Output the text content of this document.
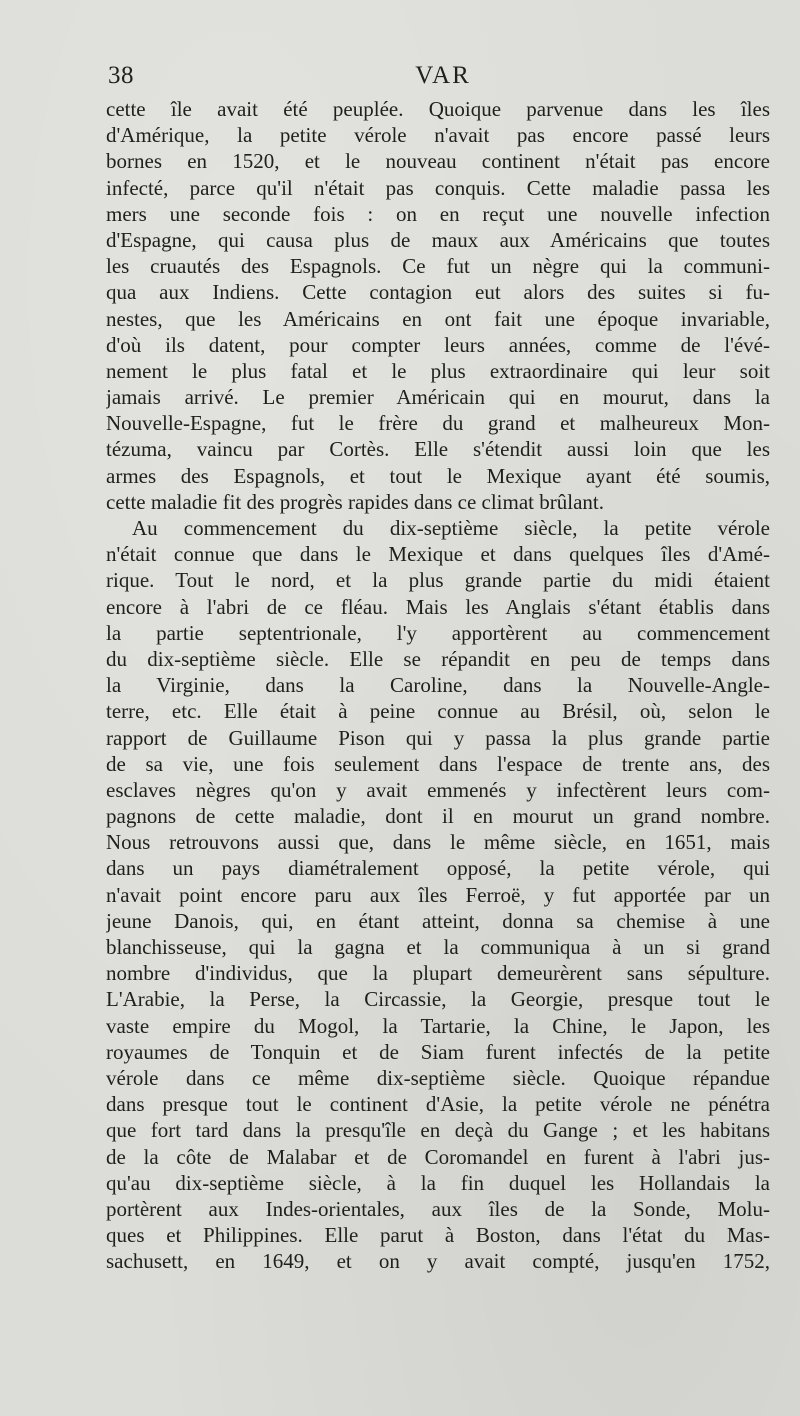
38	VAR
cette île avait été peuplée. Quoique parvenue dans les îles
d'Amérique, la petite vérole n'avait pas encore passé leurs
bornes en 1520, et le nouveau continent n'était pas encore
infecté, parce qu'il n'était pas conquis. Cette maladie passa les
mers une seconde fois : on en reçut une nouvelle infection
d'Espagne, qui causa plus de maux aux Américains que toutes
les cruautés des Espagnols. Ce fut un nègre qui la communi-
qua aux Indiens. Cette contagion eut alors des suites si fu-
nestes, que les Américains en ont fait une époque invariable,
d'où ils datent, pour compter leurs années, comme de l'évé-
nement le plus fatal et le plus extraordinaire qui leur soit
jamais arrivé. Le premier Américain qui en mourut, dans la
Nouvelle-Espagne, fut le frère du grand et malheureux Mon-
tézuma, vaincu par Cortès. Elle s'étendit aussi loin que les
armes des Espagnols, et tout le Mexique ayant été soumis,
cette maladie fit des progrès rapides dans ce climat brûlant.
Au commencement du dix-septième siècle, la petite vérole
n'était connue que dans le Mexique et dans quelques îles d'Amé-
rique. Tout le nord, et la plus grande partie du midi étaient
encore à l'abri de ce fléau. Mais les Anglais s'étant établis dans
la partie septentrionale, l'y apportèrent au commencement
du dix-septième siècle. Elle se répandit en peu de temps dans
la Virginie, dans la Caroline, dans la Nouvelle-Angle-
terre, etc. Elle était à peine connue au Brésil, où, selon le
rapport de Guillaume Pison qui y passa la plus grande partie
de sa vie, une fois seulement dans l'espace de trente ans, des
esclaves nègres qu'on y avait emmenés y infectèrent leurs com-
pagnons de cette maladie, dont il en mourut un grand nombre.
Nous retrouvons aussi que, dans le même siècle, en 1651, mais
dans un pays diamétralement opposé, la petite vérole, qui
n'avait point encore paru aux îles Ferroë, y fut apportée par un
jeune Danois, qui, en étant atteint, donna sa chemise à une
blanchisseuse, qui la gagna et la communiqua à un si grand
nombre d'individus, que la plupart demeurèrent sans sépulture.
L'Arabie, la Perse, la Circassie, la Georgie, presque tout le
vaste empire du Mogol, la Tartarie, la Chine, le Japon, les
royaumes de Tonquin et de Siam furent infectés de la petite
vérole dans ce même dix-septième siècle. Quoique répandue
dans presque tout le continent d'Asie, la petite vérole ne pénétra
que fort tard dans la presqu'île en deçà du Gange ; et les habitans
de la côte de Malabar et de Coromandel en furent à l'abri jus-
qu'au dix-septième siècle, à la fin duquel les Hollandais la
portèrent aux Indes-orientales, aux îles de la Sonde, Molu-
ques et Philippines. Elle parut à Boston, dans l'état du Mas-
sachusett, en 1649, et on y avait compté, jusqu'en 1752,
